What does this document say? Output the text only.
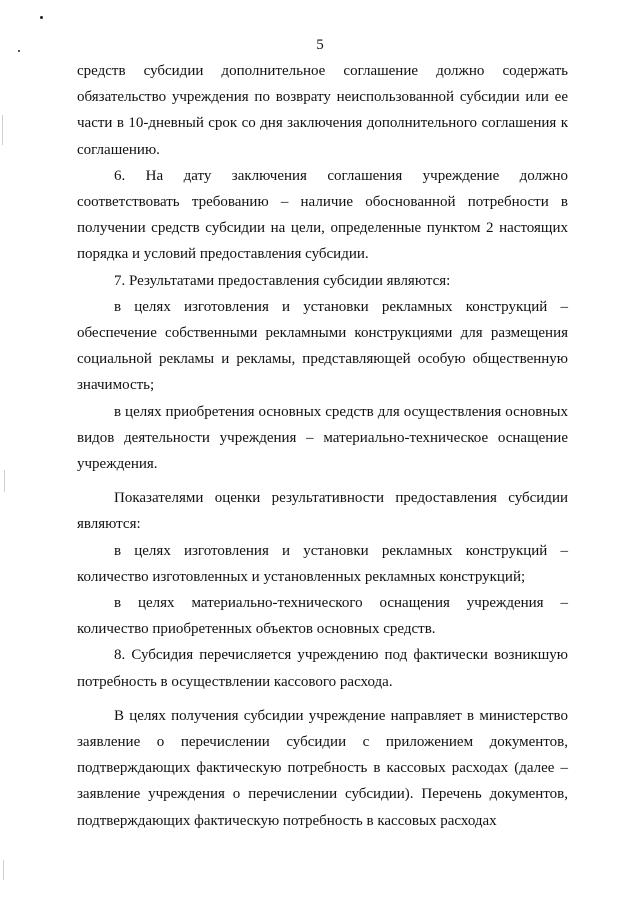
5

средств субсидии дополнительное соглашение должно содержать обязательство учреждения по возврату неиспользованной субсидии или ее части в 10-дневный срок со дня заключения дополнительного соглашения к соглашению.

6. На дату заключения соглашения учреждение должно соответствовать требованию – наличие обоснованной потребности в получении средств субсидии на цели, определенные пунктом 2 настоящих порядка и условий предоставления субсидии.

7. Результатами предоставления субсидии являются:

в целях изготовления и установки рекламных конструкций – обеспечение собственными рекламными конструкциями для размещения социальной рекламы и рекламы, представляющей особую общественную значимость;

в целях приобретения основных средств для осуществления основных видов деятельности учреждения – материально-техническое оснащение учреждения.

Показателями оценки результативности предоставления субсидии являются:

в целях изготовления и установки рекламных конструкций – количество изготовленных и установленных рекламных конструкций;

в целях материально-технического оснащения учреждения – количество приобретенных объектов основных средств.

8. Субсидия перечисляется учреждению под фактически возникшую потребность в осуществлении кассового расхода.

В целях получения субсидии учреждение направляет в министерство заявление о перечислении субсидии с приложением документов, подтверждающих фактическую потребность в кассовых расходах (далее – заявление учреждения о перечислении субсидии). Перечень документов, подтверждающих фактическую потребность в кассовых расходах
